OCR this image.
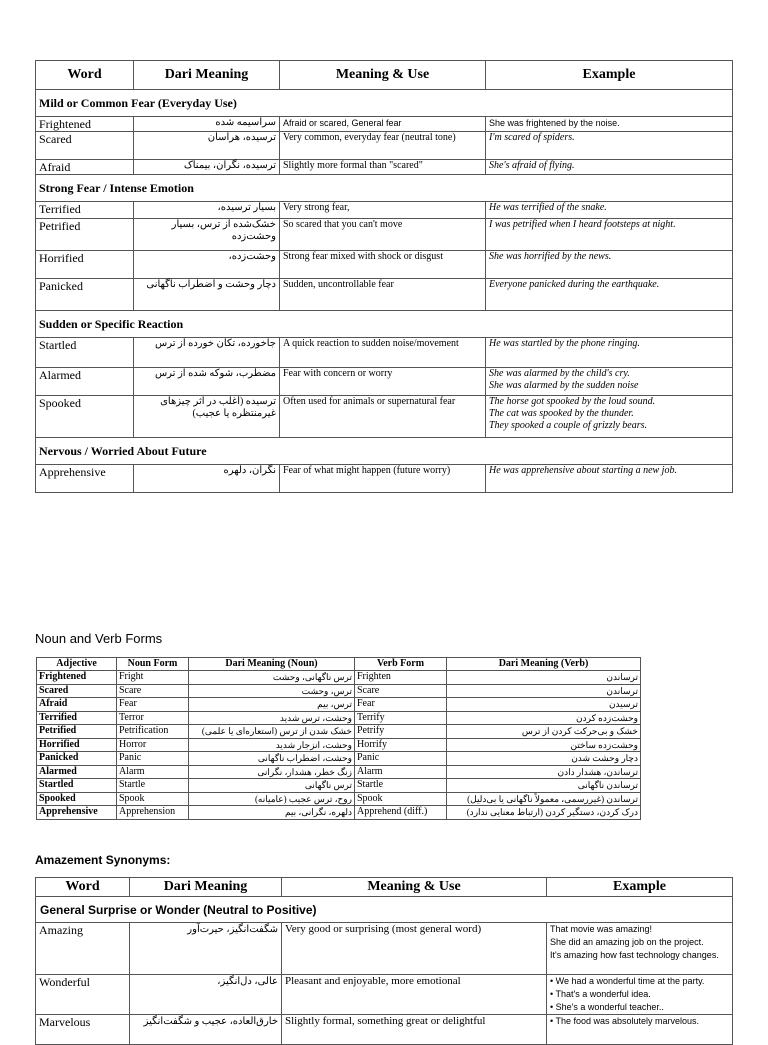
Word	Dari Meaning	Meaning & Use	Example
Mild or Common Fear (Everyday Use)			
Frightened	سراسیمه شده	Afraid or scared, General fear	She was frightened by the noise.
Scared	ترسیده، هراسان	Very common, everyday fear (neutral tone)	I'm scared of spiders.
Afraid	ترسیده، نگران، بیمناک	Slightly more formal than "scared"	She's afraid of flying.
Strong Fear / Intense Emotion			
Terrified	بسیار ترسیده،	Very strong fear,	He was terrified of the snake.
Petrified	خشک‌شده از ترس، بسیار وحشت‌زده	So scared that you can't move	I was petrified when I heard footsteps at night.
Horrified	وحشت‌زده،	Strong fear mixed with shock or disgust	She was horrified by the news.
Panicked	دچار وحشت و اضطراب ناگهانی	Sudden, uncontrollable fear	Everyone panicked during the earthquake.
Sudden or Specific Reaction			
Startled	جاخورده، تکان خورده از ترس	A quick reaction to sudden noise/movement	He was startled by the phone ringing.
Alarmed	مضطرب، شوکه شده از ترس	Fear with concern or worry	She was alarmed by the child's cry.
She was alarmed by the sudden noise
Spooked	ترسیده (اغلب در اثر چیزهای غیرمنتظره یا عجیب)	Often used for animals or supernatural fear	The horse got spooked by the loud sound.
The cat was spooked by the thunder.
They spooked a couple of grizzly bears.
Nervous / Worried About Future			
Apprehensive	نگران، دلهره	Fear of what might happen (future worry)	He was apprehensive about starting a new job.
Noun and Verb Forms
Adjective	Noun Form	Dari Meaning (Noun)	Verb Form	Dari Meaning (Verb)
Frightened	Fright	ترس ناگهانی، وحشت	Frighten	ترساندن
Scared	Scare	ترس، وحشت	Scare	ترساندن
Afraid	Fear	ترس، بیم	Fear	ترسیدن
Terrified	Terror	وحشت، ترس شدید	Terrify	وحشت‌زده کردن
Petrified	Petrification	خشک شدن از ترس (استعاره‌ای یا علمی)	Petrify	خشک و بی‌حرکت کردن از ترس
Horrified	Horror	وحشت، انزجار شدید	Horrify	وحشت‌زده ساختن
Panicked	Panic	وحشت، اضطراب ناگهانی	Panic	دچار وحشت شدن
Alarmed	Alarm	زنگ خطر، هشدار، نگرانی	Alarm	ترساندن، هشدار دادن
Startled	Startle	ترس ناگهانی	Startle	ترساندن ناگهانی
Spooked	Spook	روح، ترس عجیب (عامیانه)	Spook	ترساندن (غیررسمی، معمولاً ناگهانی یا بی‌دلیل)
Apprehensive	Apprehension	دلهره، نگرانی، بیم	Apprehend (diff.)	درک کردن، دستگیر کردن (ارتباط معنایی ندارد)
Amazement Synonyms:
Word	Dari Meaning	Meaning & Use	Example
General Surprise or Wonder (Neutral to Positive)			
Amazing	شگفت‌انگیز، حیرت‌آور	Very good or surprising (most general word)	That movie was amazing!
She did an amazing job on the project.
It's amazing how fast technology changes.
Wonderful	عالی، دل‌انگیز،	Pleasant and enjoyable, more emotional	• We had a wonderful time at the party.
• That's a wonderful idea.
• She's a wonderful teacher..
Marvelous	خارق‌العاده، عجیب و شگفت‌انگیز	Slightly formal, something great or delightful	• The food was absolutely marvelous.
